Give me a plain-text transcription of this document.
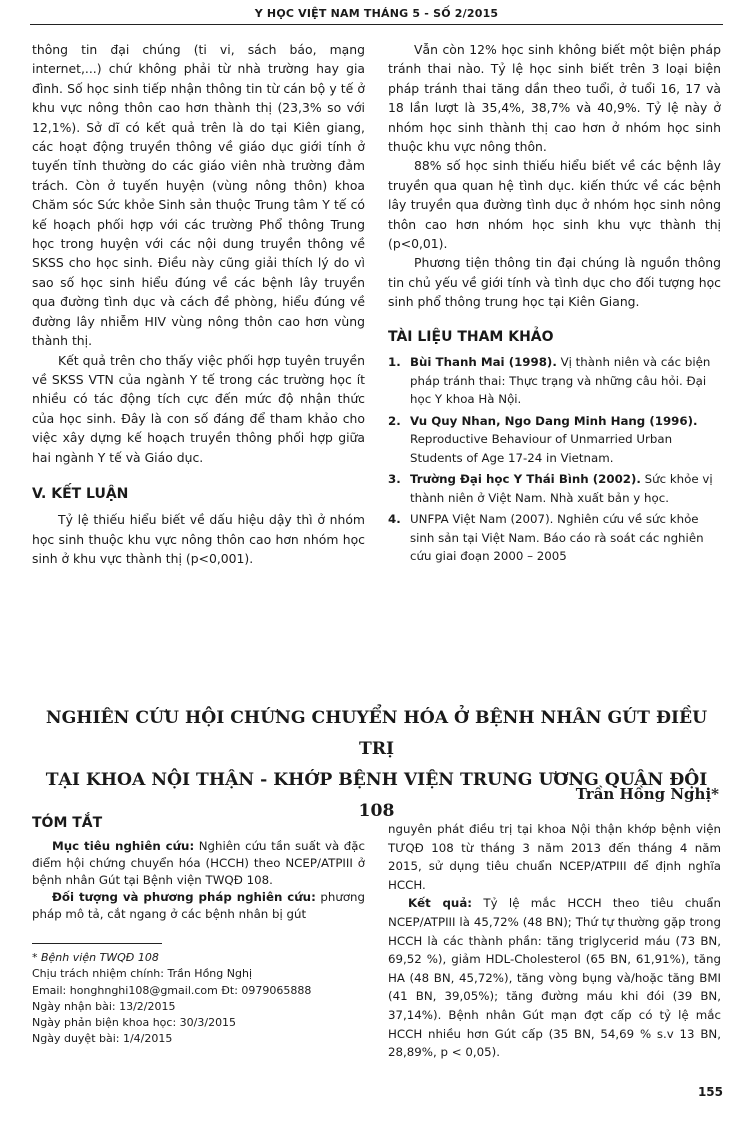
Y HỌC VIỆT NAM THÁNG 5 - SỐ 2/2015

thông tin đại chúng (ti vi, sách báo, mạng internet,...) chứ không phải từ nhà trường hay gia đình. Số học sinh tiếp nhận thông tin từ cán bộ y tế ở khu vực nông thôn cao hơn thành thị (23,3% so với 12,1%). Sở dĩ có kết quả trên là do tại Kiên giang, các hoạt động truyền thông về giáo dục giới tính ở tuyến tỉnh thường do các giáo viên nhà trường đảm trách. Còn ở tuyến huyện (vùng nông thôn) khoa Chăm sóc Sức khỏe Sinh sản thuộc Trung tâm Y tế có kế hoạch phối hợp với các trường Phổ thông Trung học trong huyện với các nội dung truyền thông về SKSS cho học sinh. Điều này cũng giải thích lý do vì sao số học sinh hiểu đúng về các bệnh lây truyền qua đường tình dục và cách đề phòng, hiểu đúng về đường lây nhiễm HIV vùng nông thôn cao hơn vùng thành thị.

Kết quả trên cho thấy việc phối hợp tuyên truyền về SKSS VTN của ngành Y tế trong các trường học ít nhiều có tác động tích cực đến mức độ nhận thức của học sinh. Đây là con số đáng để tham khảo cho việc xây dựng kế hoạch truyền thông phối hợp giữa hai ngành Y tế và Giáo dục.

V. KẾT LUẬN

Tỷ lệ thiếu hiểu biết về dấu hiệu dậy thì ở nhóm học sinh thuộc khu vực nông thôn cao hơn nhóm học sinh ở khu vực thành thị (p<0,001).

Vẫn còn 12% học sinh không biết một biện pháp tránh thai nào. Tỷ lệ học sinh biết trên 3 loại biện pháp tránh thai tăng dần theo tuổi, ở tuổi 16, 17 và 18 lần lượt là 35,4%, 38,7% và 40,9%. Tỷ lệ này ở nhóm học sinh thành thị cao hơn ở nhóm học sinh thuộc khu vực nông thôn.

88% số học sinh thiếu hiểu biết về các bệnh lây truyền qua quan hệ tình dục. kiến thức về các bệnh lây truyền qua đường tình dục ở nhóm học sinh nông thôn cao hơn nhóm học sinh khu vực thành thị (p<0,01).

Phương tiện thông tin đại chúng là nguồn thông tin chủ yếu về giới tính và tình dục cho đối tượng học sinh phổ thông trung học tại Kiên Giang.

TÀI LIỆU THAM KHẢO
1. Bùi Thanh Mai (1998). Vị thành niên và các biện pháp tránh thai: Thực trạng và những câu hỏi. Đại học Y khoa Hà Nội.
2. Vu Quy Nhan, Ngo Dang Minh Hang (1996). Reproductive Behaviour of Unmarried Urban Students of Age 17-24 in Vietnam.
3. Trường Đại học Y Thái Bình (2002). Sức khỏe vị thành niên ở Việt Nam. Nhà xuất bản y học.
4. UNFPA Việt Nam (2007). Nghiên cứu về sức khỏe sinh sản tại Việt Nam. Báo cáo rà soát các nghiên cứu giai đoạn 2000 – 2005
NGHIÊN CỨU HỘI CHỨNG CHUYỂN HÓA Ở BỆNH NHÂN GÚT ĐIỀU TRỊ
TẠI KHOA NỘI THẬN - KHỚP BỆNH VIỆN TRUNG ƯƠNG QUÂN ĐỘI 108
Trần Hồng Nghị*
TÓM TẮT

Mục tiêu nghiên cứu: Nghiên cứu tần suất và đặc điểm hội chứng chuyển hóa (HCCH) theo NCEP/ATPIII ở bệnh nhân Gút tại Bệnh viện TWQĐ 108.

Đối tượng và phương pháp nghiên cứu: phương pháp mô tả, cắt ngang ở các bệnh nhân bị gút

nguyên phát điều trị tại khoa Nội thận khớp bệnh viện TƯQĐ 108 từ tháng 3 năm 2013 đến tháng 4 năm 2015, sử dụng tiêu chuẩn NCEP/ATPIII để định nghĩa HCCH.

Kết quả: Tỷ lệ mắc HCCH theo tiêu chuẩn NCEP/ATPIII là 45,72% (48 BN); Thứ tự thường gặp trong HCCH là các thành phần: tăng triglycerid máu (73 BN, 69,52 %), giảm HDL-Cholesterol (65 BN, 61,91%), tăng HA (48 BN, 45,72%), tăng vòng bụng và/hoặc tăng BMI (41 BN, 39,05%); tăng đường máu khi đói (39 BN, 37,14%). Bệnh nhân Gút mạn đợt cấp có tỷ lệ mắc HCCH nhiều hơn Gút cấp (35 BN, 54,69 % s.v 13 BN, 28,89%, p < 0,05).

* Bệnh viện TWQĐ 108
Chịu trách nhiệm chính: Trần Hồng Nghị
Email: honghnghi108@gmail.com Đt: 0979065888
Ngày nhận bài: 13/2/2015
Ngày phản biện khoa học: 30/3/2015
Ngày duyệt bài: 1/4/2015
155
